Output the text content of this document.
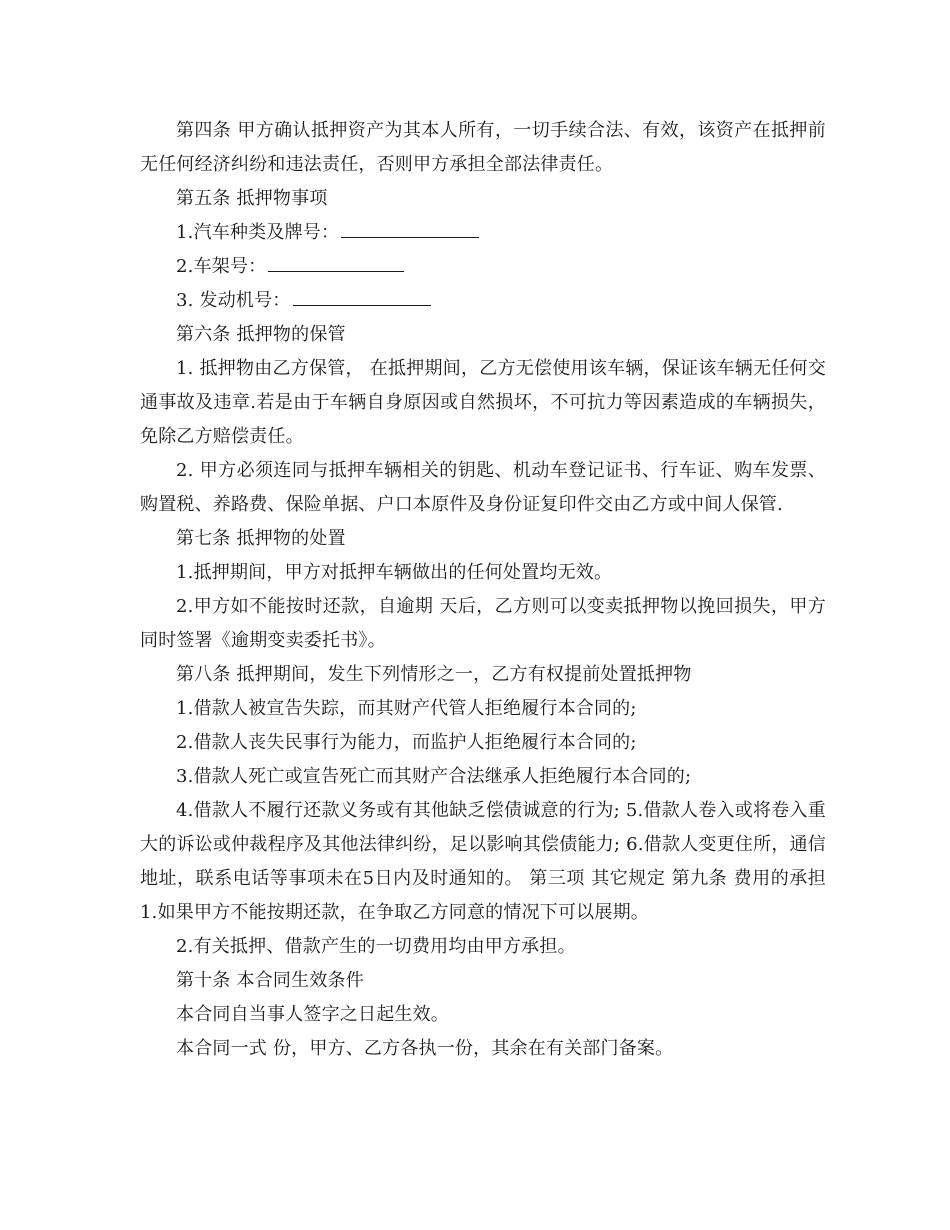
第四条 甲方确认抵押资产为其本人所有，一切手续合法、有效，该资产在抵押前无任何经济纠纷和违法责任，否则甲方承担全部法律责任。

第五条 抵押物事项

1.汽车种类及牌号：

2.车架号：

3. 发动机号：

第六条 抵押物的保管

1. 抵押物由乙方保管， 在抵押期间，乙方无偿使用该车辆，保证该车辆无任何交通事故及违章.若是由于车辆自身原因或自然损坏，不可抗力等因素造成的车辆损失，免除乙方赔偿责任。

2. 甲方必须连同与抵押车辆相关的钥匙、机动车登记证书、行车证、购车发票、购置税、养路费、保险单据、户口本原件及身份证复印件交由乙方或中间人保管.

第七条 抵押物的处置

1.抵押期间，甲方对抵押车辆做出的任何处置均无效。

2.甲方如不能按时还款，自逾期 天后，乙方则可以变卖抵押物以挽回损失，甲方同时签署《逾期变卖委托书》。

第八条 抵押期间，发生下列情形之一，乙方有权提前处置抵押物

1.借款人被宣告失踪，而其财产代管人拒绝履行本合同的;

2.借款人丧失民事行为能力，而监护人拒绝履行本合同的;

3.借款人死亡或宣告死亡而其财产合法继承人拒绝履行本合同的;

4.借款人不履行还款义务或有其他缺乏偿债诚意的行为; 5.借款人卷入或将卷入重大的诉讼或仲裁程序及其他法律纠纷，足以影响其偿债能力; 6.借款人变更住所，通信地址，联系电话等事项未在5日内及时通知的。 第三项 其它规定 第九条 费用的承担 1.如果甲方不能按期还款，在争取乙方同意的情况下可以展期。

2.有关抵押、借款产生的一切费用均由甲方承担。

第十条 本合同生效条件

本合同自当事人签字之日起生效。

本合同一式 份，甲方、乙方各执一份，其余在有关部门备案。
